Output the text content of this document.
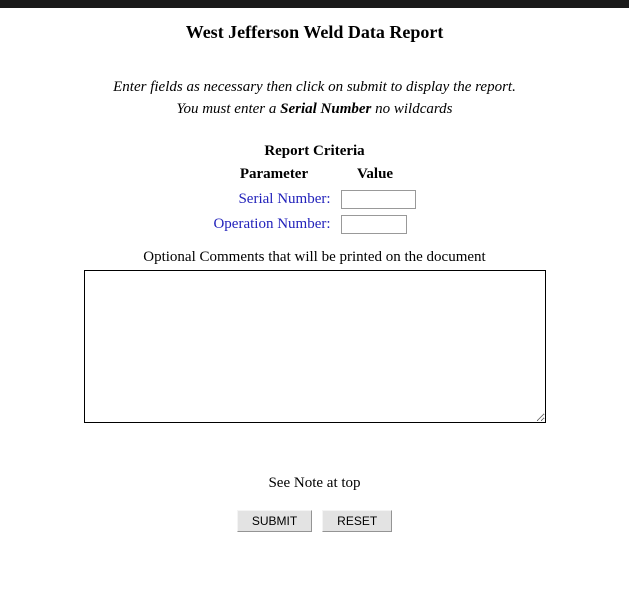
West Jefferson Weld Data Report
Enter fields as necessary then click on submit to display the report.
You must enter a Serial Number no wildcards
Report Criteria
Parameter	Value
Serial Number:	
Operation Number:	
Optional Comments that will be printed on the document
See Note at top
SUBMIT	RESET
